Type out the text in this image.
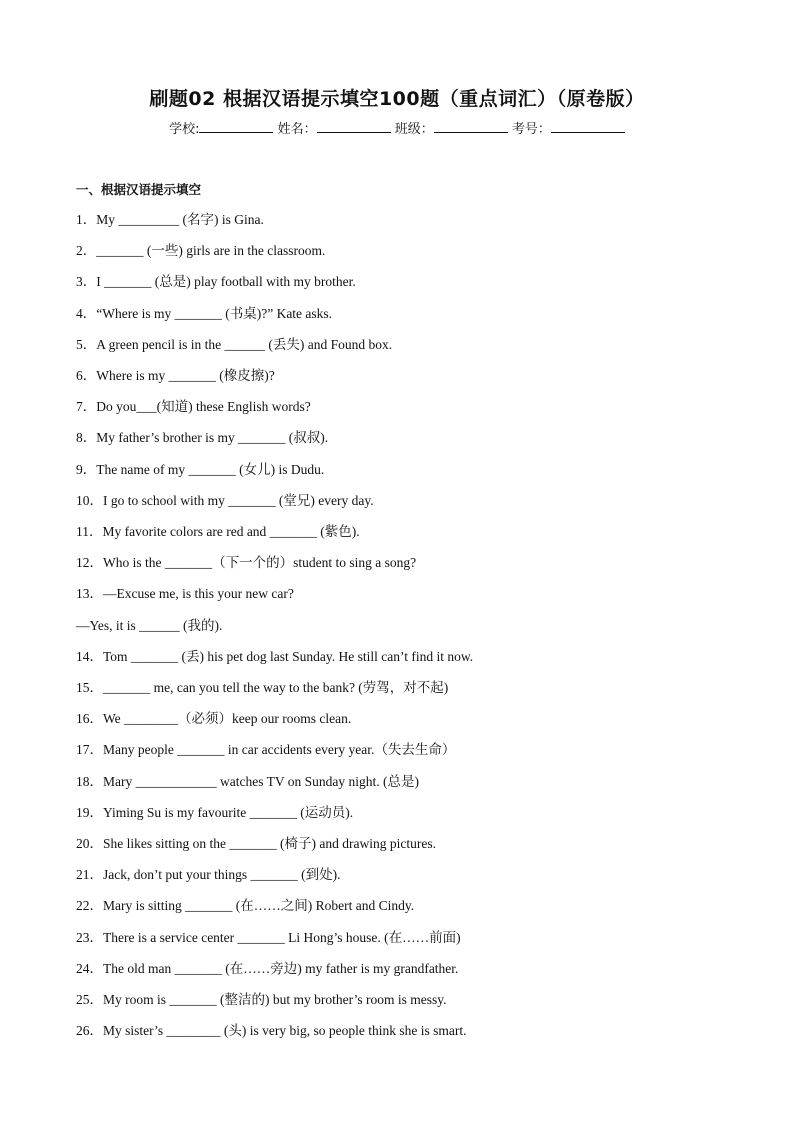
刷题02 根据汉语提示填空100题（重点词汇）（原卷版）
学校:	姓名：	班级：	考号：
一、根据汉语提示填空
1．My _________ (名字) is Gina.
2．_______ (一些) girls are in the classroom.
3．I _______ (总是) play football with my brother.
4．“Where is my _______ (书桌)?” Kate asks.
5．A green pencil is in the ______ (丢失) and Found box.
6．Where is my _______ (橡皮擦)?
7．Do you___(知道) these English words?
8．My father’s brother is my _______ (叔叔).
9．The name of my _______ (女儿) is Dudu.
10．I go to school with my _______ (堂兄) every day.
11．My favorite colors are red and _______ (紫色).
12．Who is the _______（下一个的）student to sing a song?
13．—Excuse me, is this your new car?
—Yes, it is ______ (我的).
14．Tom _______ (丢) his pet dog last Sunday. He still can’t find it now.
15．_______ me, can you tell the way to the bank? (劳驾，对不起)
16．We ________（必须）keep our rooms clean.
17．Many people _______ in car accidents every year.（失去生命）
18．Mary ____________ watches TV on Sunday night. (总是)
19．Yiming Su is my favourite _______ (运动员).
20．She likes sitting on the _______ (椅子) and drawing pictures.
21．Jack, don’t put your things _______ (到处).
22．Mary is sitting _______ (在……之间) Robert and Cindy.
23．There is a service center _______ Li Hong’s house. (在……前面)
24．The old man _______ (在……旁边) my father is my grandfather.
25．My room is _______ (整洁的) but my brother’s room is messy.
26．My sister’s ________ (头) is very big, so people think she is smart.
